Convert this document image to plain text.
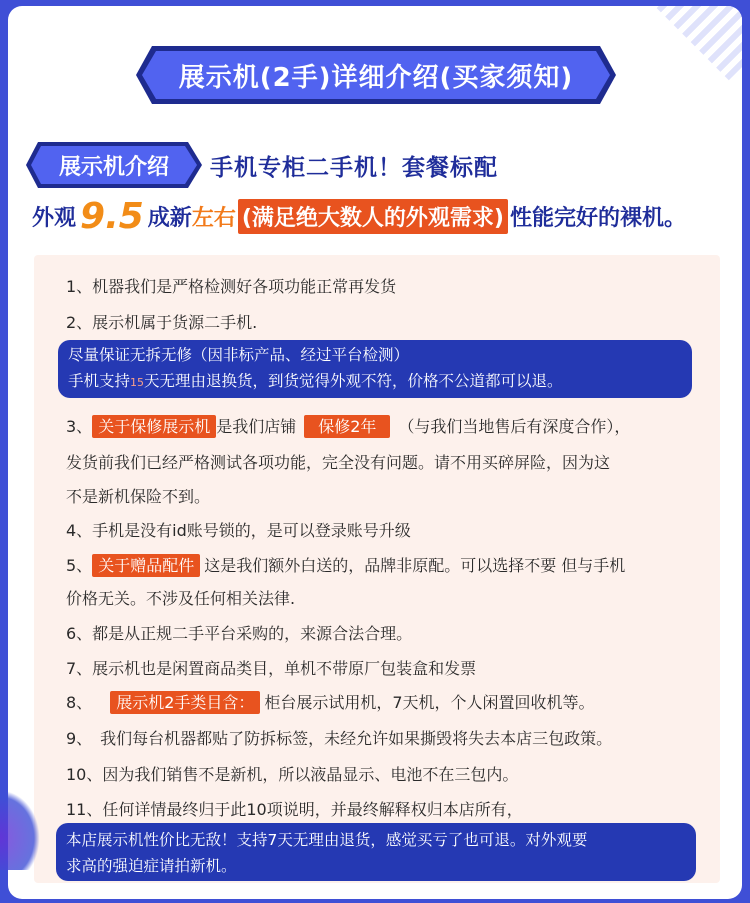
展示机(2手)详细介绍(买家须知)
展示机介绍 手机专柜二手机！套餐标配
外观 9.5 成新 左右 (满足绝大数人的外观需求) 性能完好的裸机。
1、机器我们是严格检测好各项功能正常再发货
2、展示机属于货源二手机.
尽量保证无拆无修（因非标产品、经过平台检测）
手机支持15天无理由退换货，到货觉得外观不符，价格不公道都可以退。
3、 关于保修展示机 是我们店铺 保修2年 （与我们当地售后有深度合作），
发货前我们已经严格测试各项功能，完全没有问题。请不用买碎屏险，因为这
不是新机保险不到。
4、手机是没有id账号锁的，是可以登录账号升级
5、 关于赠品配件 这是我们额外白送的，品牌非原配。可以选择不要 但与手机
价格无关。不涉及任何相关法律.
6、都是从正规二手平台采购的，来源合法合理。
7、展示机也是闲置商品类目，单机不带原厂包装盒和发票
8、 展示机2手类目含： 柜台展示试用机，7天机，个人闲置回收机等。
9、　我们每台机器都贴了防拆标签，未经允许如果撕毁将失去本店三包政策。
10、因为我们销售不是新机，所以液晶显示、电池不在三包内。
11、任何详情最终归于此10项说明，并最终解释权归本店所有，
本店展示机性价比无敌！支持7天无理由退货，感觉买亏了也可退。对外观要
求高的强迫症请拍新机。
